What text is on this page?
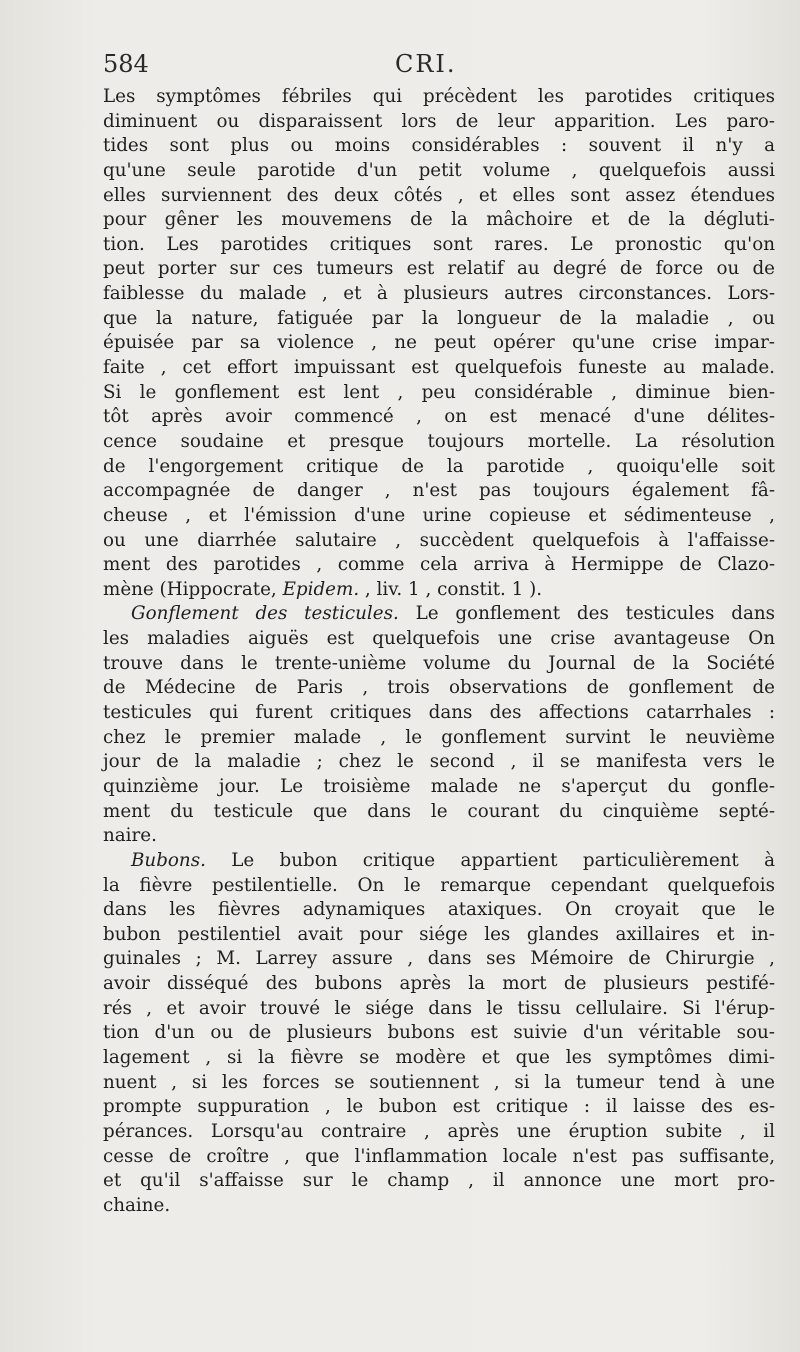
584	CRI.
Les symptômes fébriles qui précèdent les parotides critiques
diminuent ou disparaissent lors de leur apparition. Les paro-
tides sont plus ou moins considérables : souvent il n'y a
qu'une seule parotide d'un petit volume , quelquefois aussi
elles surviennent des deux côtés , et elles sont assez étendues
pour gêner les mouvemens de la mâchoire et de la dégluti-
tion. Les parotides critiques sont rares. Le pronostic qu'on
peut porter sur ces tumeurs est relatif au degré de force ou de
faiblesse du malade , et à plusieurs autres circonstances. Lors-
que la nature, fatiguée par la longueur de la maladie , ou
épuisée par sa violence , ne peut opérer qu'une crise impar-
faite , cet effort impuissant est quelquefois funeste au malade.
Si le gonflement est lent , peu considérable , diminue bien-
tôt après avoir commencé , on est menacé d'une délites-
cence soudaine et presque toujours mortelle. La résolution
de l'engorgement critique de la parotide , quoiqu'elle soit
accompagnée de danger , n'est pas toujours également fâ-
cheuse , et l'émission d'une urine copieuse et sédimenteuse ,
ou une diarrhée salutaire , succèdent quelquefois à l'affaisse-
ment des parotides , comme cela arriva à Hermippe de Clazo-
mène (Hippocrate, Epidem. , liv. 1 , constit. 1 ).
Gonflement des testicules. Le gonflement des testicules dans
les maladies aiguës est quelquefois une crise avantageuse On
trouve dans le trente-unième volume du Journal de la Société
de Médecine de Paris , trois observations de gonflement de
testicules qui furent critiques dans des affections catarrhales :
chez le premier malade , le gonflement survint le neuvième
jour de la maladie ; chez le second , il se manifesta vers le
quinzième jour. Le troisième malade ne s'aperçut du gonfle-
ment du testicule que dans le courant du cinquième septé-
naire.
Bubons. Le bubon critique appartient particulièrement à
la fièvre pestilentielle. On le remarque cependant quelquefois
dans les fièvres adynamiques ataxiques. On croyait que le
bubon pestilentiel avait pour siége les glandes axillaires et in-
guinales ; M. Larrey assure , dans ses Mémoire de Chirurgie ,
avoir disséqué des bubons après la mort de plusieurs pestifé-
rés , et avoir trouvé le siége dans le tissu cellulaire. Si l'érup-
tion d'un ou de plusieurs bubons est suivie d'un véritable sou-
lagement , si la fièvre se modère et que les symptômes dimi-
nuent , si les forces se soutiennent , si la tumeur tend à une
prompte suppuration , le bubon est critique : il laisse des es-
pérances. Lorsqu'au contraire , après une éruption subite , il
cesse de croître , que l'inflammation locale n'est pas suffisante,
et qu'il s'affaisse sur le champ , il annonce une mort pro-
chaine.
